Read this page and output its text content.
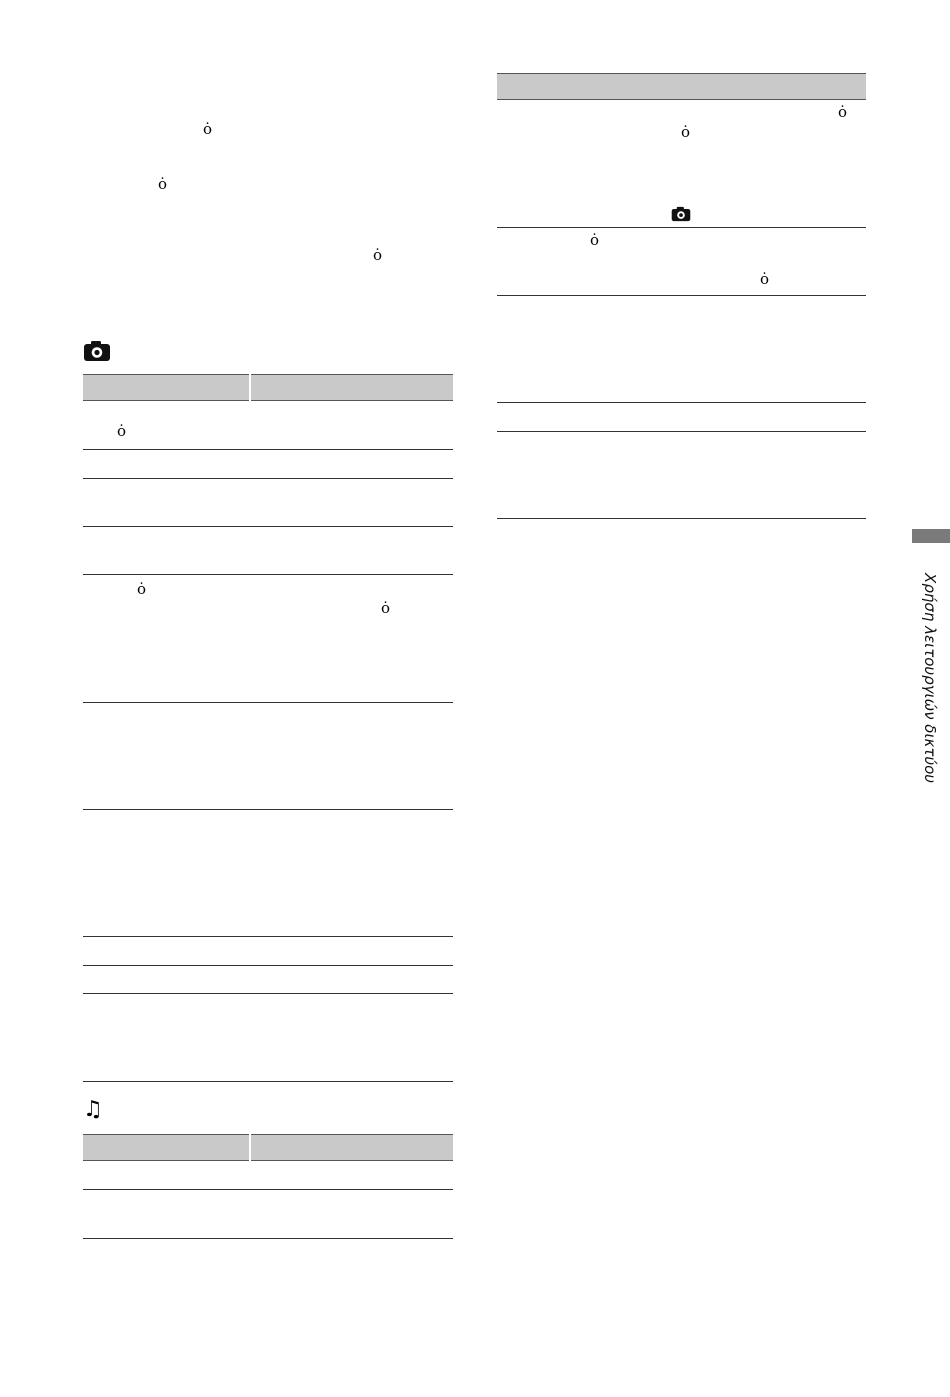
ȯ
ȯ
ȯ
ȯ
ȯ
ȯ
♫
ȯ
ȯ
ȯ
ȯ
Χρήση λειτουργιών δικτύου
